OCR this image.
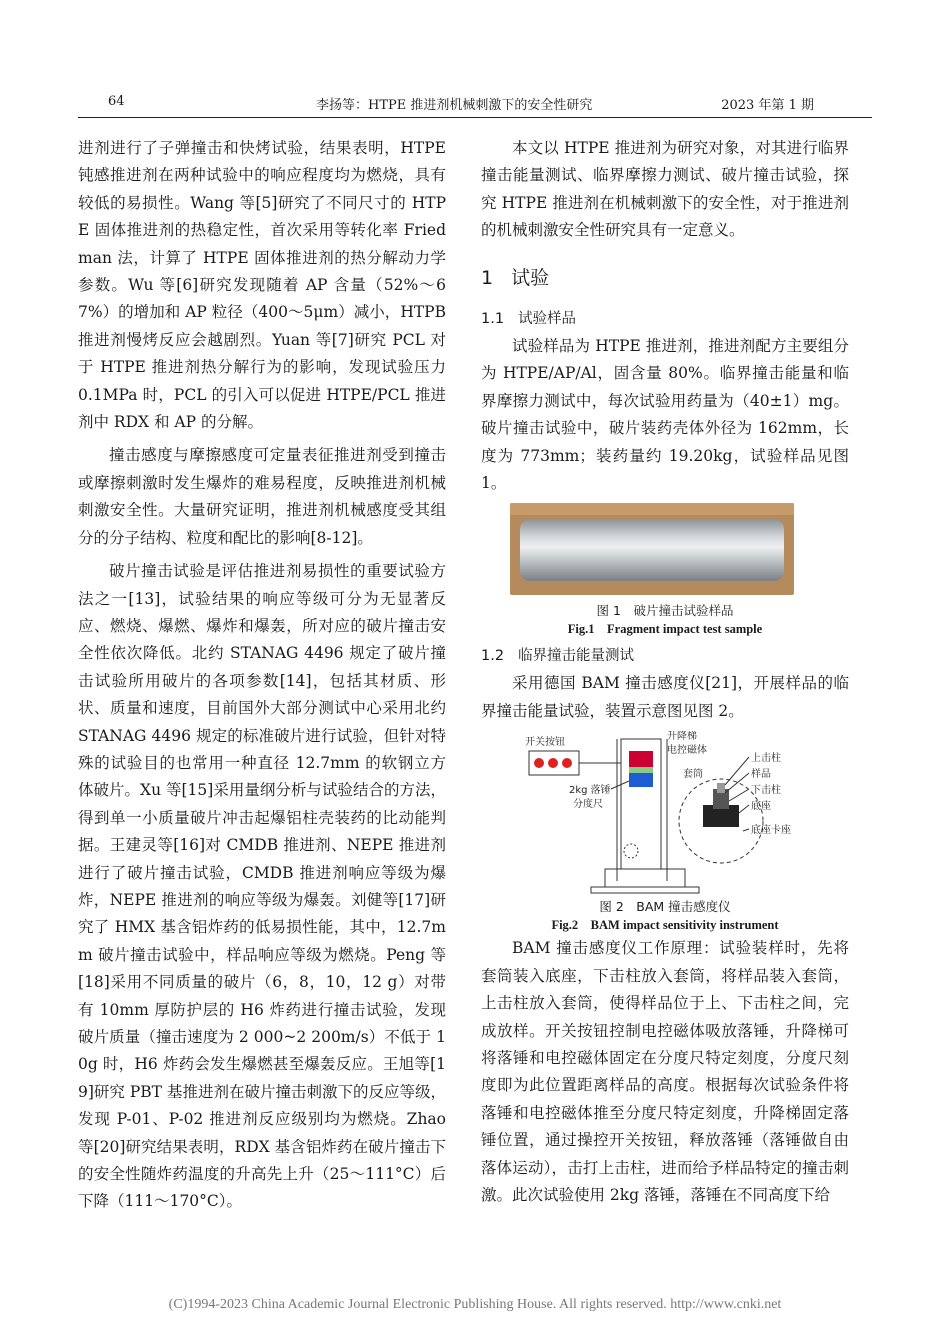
64	李扬等：HTPE 推进剂机械刺激下的安全性研究	2023 年第 1 期

进剂进行了子弹撞击和快烤试验，结果表明，HTPE 钝感推进剂在两种试验中的响应程度均为燃烧，具有较低的易损性。Wang 等[5]研究了不同尺寸的 HTPE 固体推进剂的热稳定性，首次采用等转化率 Friedman 法，计算了 HTPE 固体推进剂的热分解动力学参数。Wu 等[6]研究发现随着 AP 含量（52%～67%）的增加和 AP 粒径（400～5μm）减小，HTPB 推进剂慢烤反应会越剧烈。Yuan 等[7]研究 PCL 对于 HTPE 推进剂热分解行为的影响，发现试验压力 0.1MPa 时，PCL 的引入可以促进 HTPE/PCL 推进剂中 RDX 和 AP 的分解。

撞击感度与摩擦感度可定量表征推进剂受到撞击或摩擦刺激时发生爆炸的难易程度，反映推进剂机械刺激安全性。大量研究证明，推进剂机械感度受其组分的分子结构、粒度和配比的影响[8-12]。

破片撞击试验是评估推进剂易损性的重要试验方法之一[13]，试验结果的响应等级可分为无显著反应、燃烧、爆燃、爆炸和爆轰，所对应的破片撞击安全性依次降低。北约 STANAG 4496 规定了破片撞击试验所用破片的各项参数[14]，包括其材质、形状、质量和速度，目前国外大部分测试中心采用北约 STANAG 4496 规定的标准破片进行试验，但针对特殊的试验目的也常用一种直径 12.7mm 的软钢立方体破片。Xu 等[15]采用量纲分析与试验结合的方法，得到单一小质量破片冲击起爆铝柱壳装药的比动能判据。王建灵等[16]对 CMDB 推进剂、NEPE 推进剂进行了破片撞击试验，CMDB 推进剂响应等级为爆炸，NEPE 推进剂的响应等级为爆轰。刘健等[17]研究了 HMX 基含铝炸药的低易损性能，其中，12.7mm 破片撞击试验中，样品响应等级为燃烧。Peng 等[18]采用不同质量的破片（6，8，10，12 g）对带有 10mm 厚防护层的 H6 炸药进行撞击试验，发现破片质量（撞击速度为 2 000~2 200m/s）不低于 10g 时，H6 炸药会发生爆燃甚至爆轰反应。王旭等[19]研究 PBT 基推进剂在破片撞击刺激下的反应等级，发现 P-01、P-02 推进剂反应级别均为燃烧。Zhao 等[20]研究结果表明，RDX 基含铝炸药在破片撞击下的安全性随炸药温度的升高先上升（25～111°C）后下降（111～170°C）。

本文以 HTPE 推进剂为研究对象，对其进行临界撞击能量测试、临界摩擦力测试、破片撞击试验，探究 HTPE 推进剂在机械刺激下的安全性，对于推进剂的机械刺激安全性研究具有一定意义。

1 试验
1.1 试验样品

试验样品为 HTPE 推进剂，推进剂配方主要组分为 HTPE/AP/Al，固含量 80%。临界撞击能量和临界摩擦力测试中，每次试验用药量为（40±1）mg。破片撞击试验中，破片装药壳体外径为 162mm，长度为 773mm；装药量约 19.20kg，试验样品见图 1。

图 1　破片撞击试验样品
Fig.1　Fragment impact test sample
1.2 临界撞击能量测试

采用德国 BAM 撞击感度仪[21]，开展样品的临界撞击能量试验，装置示意图见图 2。

开关按钮
升降梯
电控磁体
2kg 落锤
分度尺
套筒
上击柱
样品
下击柱
底座
底座卡座
图 2　BAM 撞击感度仪
Fig.2　BAM impact sensitivity instrument

BAM 撞击感度仪工作原理：试验装样时，先将套筒装入底座，下击柱放入套筒，将样品装入套筒，上击柱放入套筒，使得样品位于上、下击柱之间，完成放样。开关按钮控制电控磁体吸放落锤，升降梯可将落锤和电控磁体固定在分度尺特定刻度，分度尺刻度即为此位置距离样品的高度。根据每次试验条件将落锤和电控磁体推至分度尺特定刻度，升降梯固定落锤位置，通过操控开关按钮，释放落锤（落锤做自由落体运动），击打上击柱，进而给予样品特定的撞击刺激。此次试验使用 2kg 落锤，落锤在不同高度下给

(C)1994-2023 China Academic Journal Electronic Publishing House. All rights reserved. http://www.cnki.net
